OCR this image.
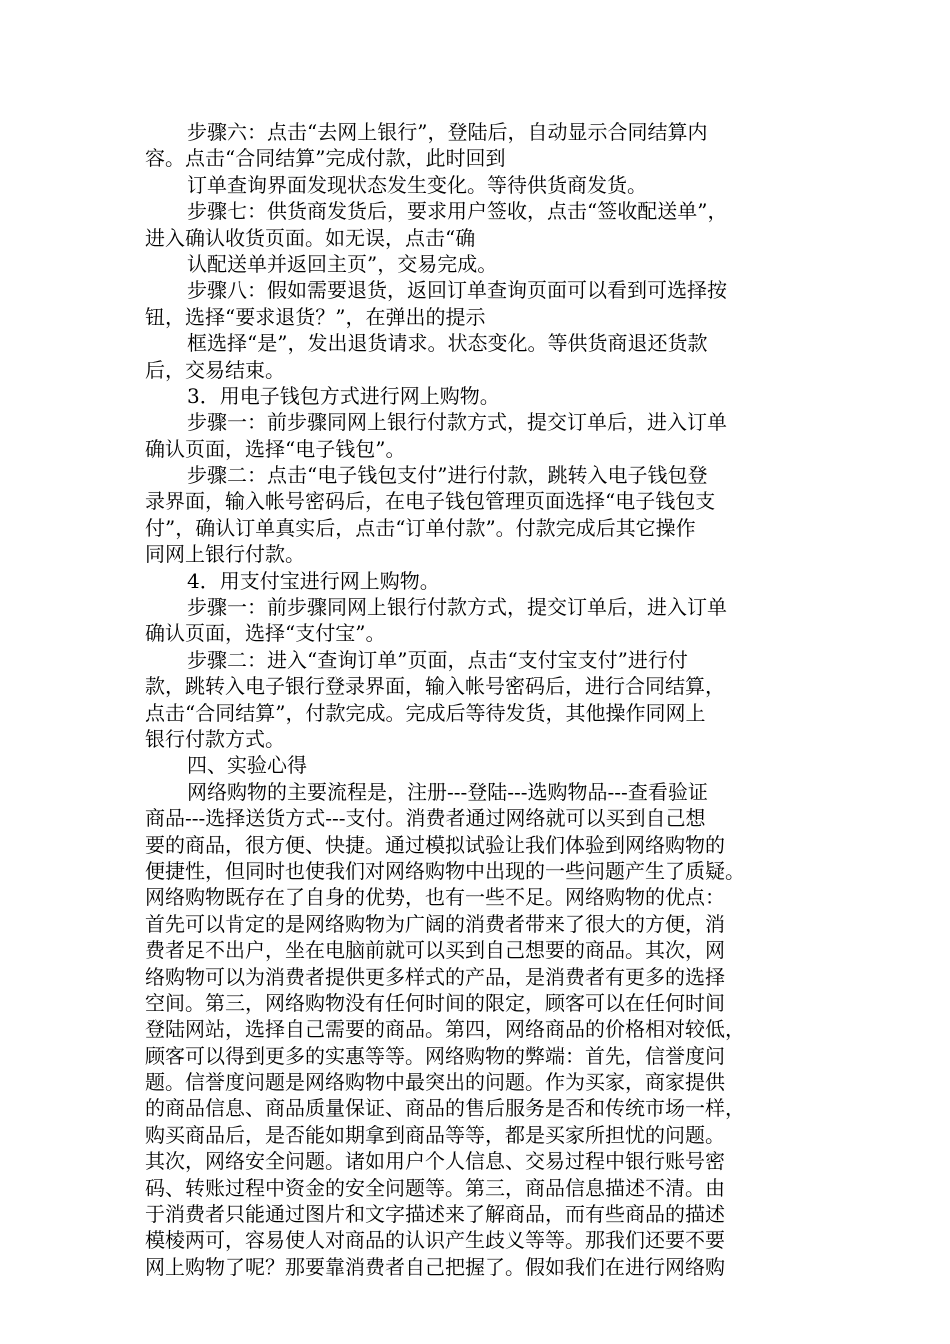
步骤六：点击“去网上银行”，登陆后，自动显示合同结算内
容。点击“合同结算”完成付款，此时回到
订单查询界面发现状态发生变化。等待供货商发货。
步骤七：供货商发货后，要求用户签收，点击“签收配送单”，
进入确认收货页面。如无误，点击“确
认配送单并返回主页”，交易完成。
步骤八：假如需要退货，返回订单查询页面可以看到可选择按
钮，选择“要求退货？”，在弹出的提示
框选择“是”，发出退货请求。状态变化。等供货商退还货款
后，交易结束。
3．用电子钱包方式进行网上购物。
步骤一：前步骤同网上银行付款方式，提交订单后，进入订单
确认页面，选择“电子钱包”。
步骤二：点击“电子钱包支付”进行付款，跳转入电子钱包登
录界面，输入帐号密码后，在电子钱包管理页面选择“电子钱包支
付”，确认订单真实后，点击“订单付款”。付款完成后其它操作
同网上银行付款。
4．用支付宝进行网上购物。
步骤一：前步骤同网上银行付款方式，提交订单后，进入订单
确认页面，选择“支付宝”。
步骤二：进入“查询订单”页面，点击“支付宝支付”进行付
款，跳转入电子银行登录界面，输入帐号密码后，进行合同结算，
点击“合同结算”，付款完成。完成后等待发货，其他操作同网上
银行付款方式。
四、实验心得
网络购物的主要流程是，注册---登陆---选购物品---查看验证
商品---选择送货方式---支付。消费者通过网络就可以买到自己想
要的商品，很方便、快捷。通过模拟试验让我们体验到网络购物的
便捷性，但同时也使我们对网络购物中出现的一些问题产生了质疑。
网络购物既存在了自身的优势，也有一些不足。网络购物的优点：
首先可以肯定的是网络购物为广阔的消费者带来了很大的方便，消
费者足不出户，坐在电脑前就可以买到自己想要的商品。其次，网
络购物可以为消费者提供更多样式的产品，是消费者有更多的选择
空间。第三，网络购物没有任何时间的限定，顾客可以在任何时间
登陆网站，选择自己需要的商品。第四，网络商品的价格相对较低，
顾客可以得到更多的实惠等等。网络购物的弊端：首先，信誉度问
题。信誉度问题是网络购物中最突出的问题。作为买家，商家提供
的商品信息、商品质量保证、商品的售后服务是否和传统市场一样，
购买商品后，是否能如期拿到商品等等，都是买家所担忧的问题。
其次，网络安全问题。诸如用户个人信息、交易过程中银行账号密
码、转账过程中资金的安全问题等。第三，商品信息描述不清。由
于消费者只能通过图片和文字描述来了解商品，而有些商品的描述
模棱两可，容易使人对商品的认识产生歧义等等。那我们还要不要
网上购物了呢？那要靠消费者自己把握了。假如我们在进行网络购
